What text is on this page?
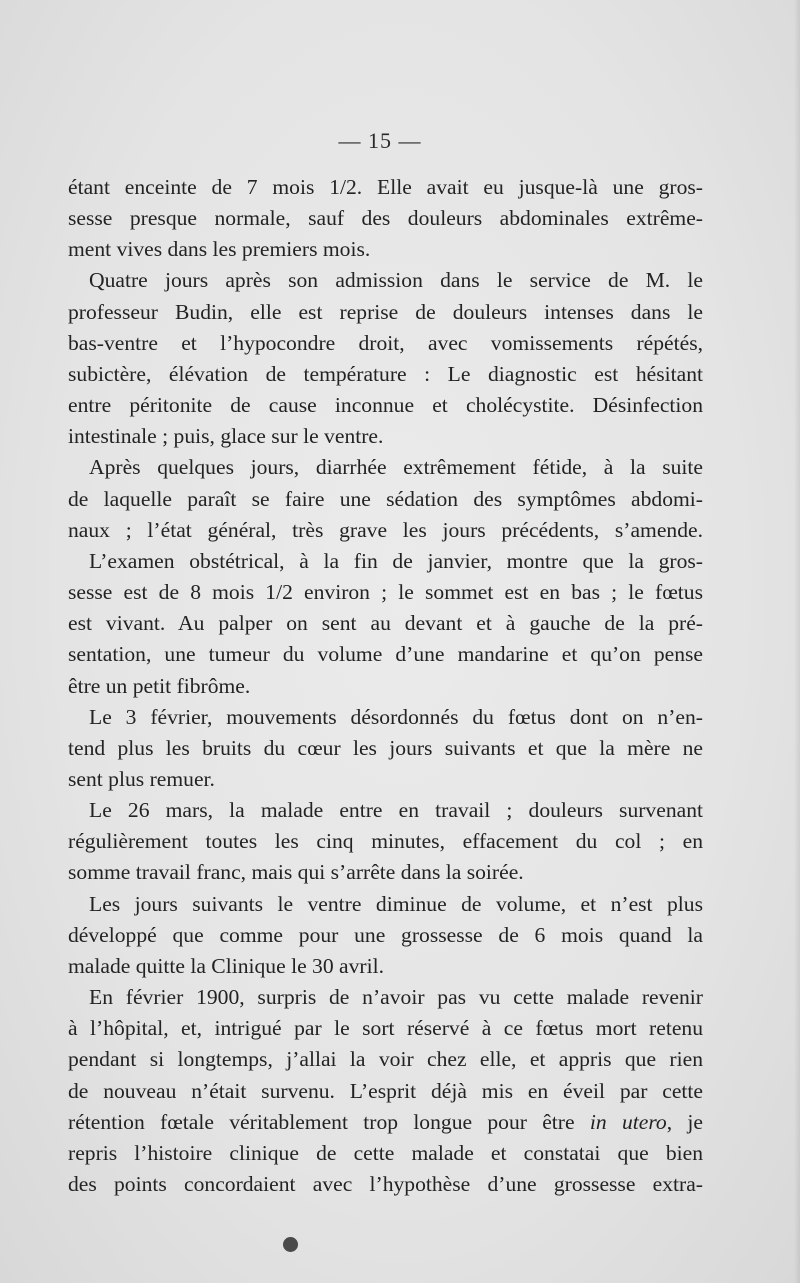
— 15 —
étant enceinte de 7 mois 1/2. Elle avait eu jusque-là une gros-
sesse presque normale, sauf des douleurs abdominales extrême-
ment vives dans les premiers mois.
Quatre jours après son admission dans le service de M. le
professeur Budin, elle est reprise de douleurs intenses dans le
bas-ventre et l’hypocondre droit, avec vomissements répétés,
subictère, élévation de température : Le diagnostic est hésitant
entre péritonite de cause inconnue et cholécystite. Désinfection
intestinale ; puis, glace sur le ventre.
Après quelques jours, diarrhée extrêmement fétide, à la suite
de laquelle paraît se faire une sédation des symptômes abdomi-
naux ; l’état général, très grave les jours précédents, s’amende.
L’examen obstétrical, à la fin de janvier, montre que la gros-
sesse est de 8 mois 1/2 environ ; le sommet est en bas ; le fœtus
est vivant. Au palper on sent au devant et à gauche de la pré-
sentation, une tumeur du volume d’une mandarine et qu’on pense
être un petit fibrôme.
Le 3 février, mouvements désordonnés du fœtus dont on n’en-
tend plus les bruits du cœur les jours suivants et que la mère ne
sent plus remuer.
Le 26 mars, la malade entre en travail ; douleurs survenant
régulièrement toutes les cinq minutes, effacement du col ; en
somme travail franc, mais qui s’arrête dans la soirée.
Les jours suivants le ventre diminue de volume, et n’est plus
développé que comme pour une grossesse de 6 mois quand la
malade quitte la Clinique le 30 avril.
En février 1900, surpris de n’avoir pas vu cette malade revenir
à l’hôpital, et, intrigué par le sort réservé à ce fœtus mort retenu
pendant si longtemps, j’allai la voir chez elle, et appris que rien
de nouveau n’était survenu. L’esprit déjà mis en éveil par cette
rétention fœtale véritablement trop longue pour être in utero, je
repris l’histoire clinique de cette malade et constatai que bien
des points concordaient avec l’hypothèse d’une grossesse extra-
